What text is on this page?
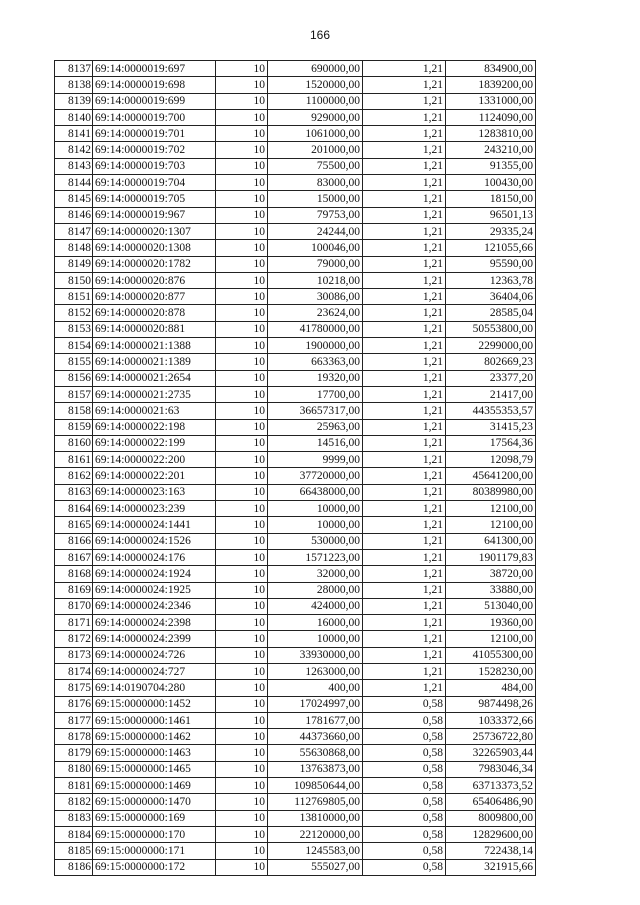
166
8137	69:14:0000019:697	10	690000,00	1,21	834900,00
8138	69:14:0000019:698	10	1520000,00	1,21	1839200,00
8139	69:14:0000019:699	10	1100000,00	1,21	1331000,00
8140	69:14:0000019:700	10	929000,00	1,21	1124090,00
8141	69:14:0000019:701	10	1061000,00	1,21	1283810,00
8142	69:14:0000019:702	10	201000,00	1,21	243210,00
8143	69:14:0000019:703	10	75500,00	1,21	91355,00
8144	69:14:0000019:704	10	83000,00	1,21	100430,00
8145	69:14:0000019:705	10	15000,00	1,21	18150,00
8146	69:14:0000019:967	10	79753,00	1,21	96501,13
8147	69:14:0000020:1307	10	24244,00	1,21	29335,24
8148	69:14:0000020:1308	10	100046,00	1,21	121055,66
8149	69:14:0000020:1782	10	79000,00	1,21	95590,00
8150	69:14:0000020:876	10	10218,00	1,21	12363,78
8151	69:14:0000020:877	10	30086,00	1,21	36404,06
8152	69:14:0000020:878	10	23624,00	1,21	28585,04
8153	69:14:0000020:881	10	41780000,00	1,21	50553800,00
8154	69:14:0000021:1388	10	1900000,00	1,21	2299000,00
8155	69:14:0000021:1389	10	663363,00	1,21	802669,23
8156	69:14:0000021:2654	10	19320,00	1,21	23377,20
8157	69:14:0000021:2735	10	17700,00	1,21	21417,00
8158	69:14:0000021:63	10	36657317,00	1,21	44355353,57
8159	69:14:0000022:198	10	25963,00	1,21	31415,23
8160	69:14:0000022:199	10	14516,00	1,21	17564,36
8161	69:14:0000022:200	10	9999,00	1,21	12098,79
8162	69:14:0000022:201	10	37720000,00	1,21	45641200,00
8163	69:14:0000023:163	10	66438000,00	1,21	80389980,00
8164	69:14:0000023:239	10	10000,00	1,21	12100,00
8165	69:14:0000024:1441	10	10000,00	1,21	12100,00
8166	69:14:0000024:1526	10	530000,00	1,21	641300,00
8167	69:14:0000024:176	10	1571223,00	1,21	1901179,83
8168	69:14:0000024:1924	10	32000,00	1,21	38720,00
8169	69:14:0000024:1925	10	28000,00	1,21	33880,00
8170	69:14:0000024:2346	10	424000,00	1,21	513040,00
8171	69:14:0000024:2398	10	16000,00	1,21	19360,00
8172	69:14:0000024:2399	10	10000,00	1,21	12100,00
8173	69:14:0000024:726	10	33930000,00	1,21	41055300,00
8174	69:14:0000024:727	10	1263000,00	1,21	1528230,00
8175	69:14:0190704:280	10	400,00	1,21	484,00
8176	69:15:0000000:1452	10	17024997,00	0,58	9874498,26
8177	69:15:0000000:1461	10	1781677,00	0,58	1033372,66
8178	69:15:0000000:1462	10	44373660,00	0,58	25736722,80
8179	69:15:0000000:1463	10	55630868,00	0,58	32265903,44
8180	69:15:0000000:1465	10	13763873,00	0,58	7983046,34
8181	69:15:0000000:1469	10	109850644,00	0,58	63713373,52
8182	69:15:0000000:1470	10	112769805,00	0,58	65406486,90
8183	69:15:0000000:169	10	13810000,00	0,58	8009800,00
8184	69:15:0000000:170	10	22120000,00	0,58	12829600,00
8185	69:15:0000000:171	10	1245583,00	0,58	722438,14
8186	69:15:0000000:172	10	555027,00	0,58	321915,66
